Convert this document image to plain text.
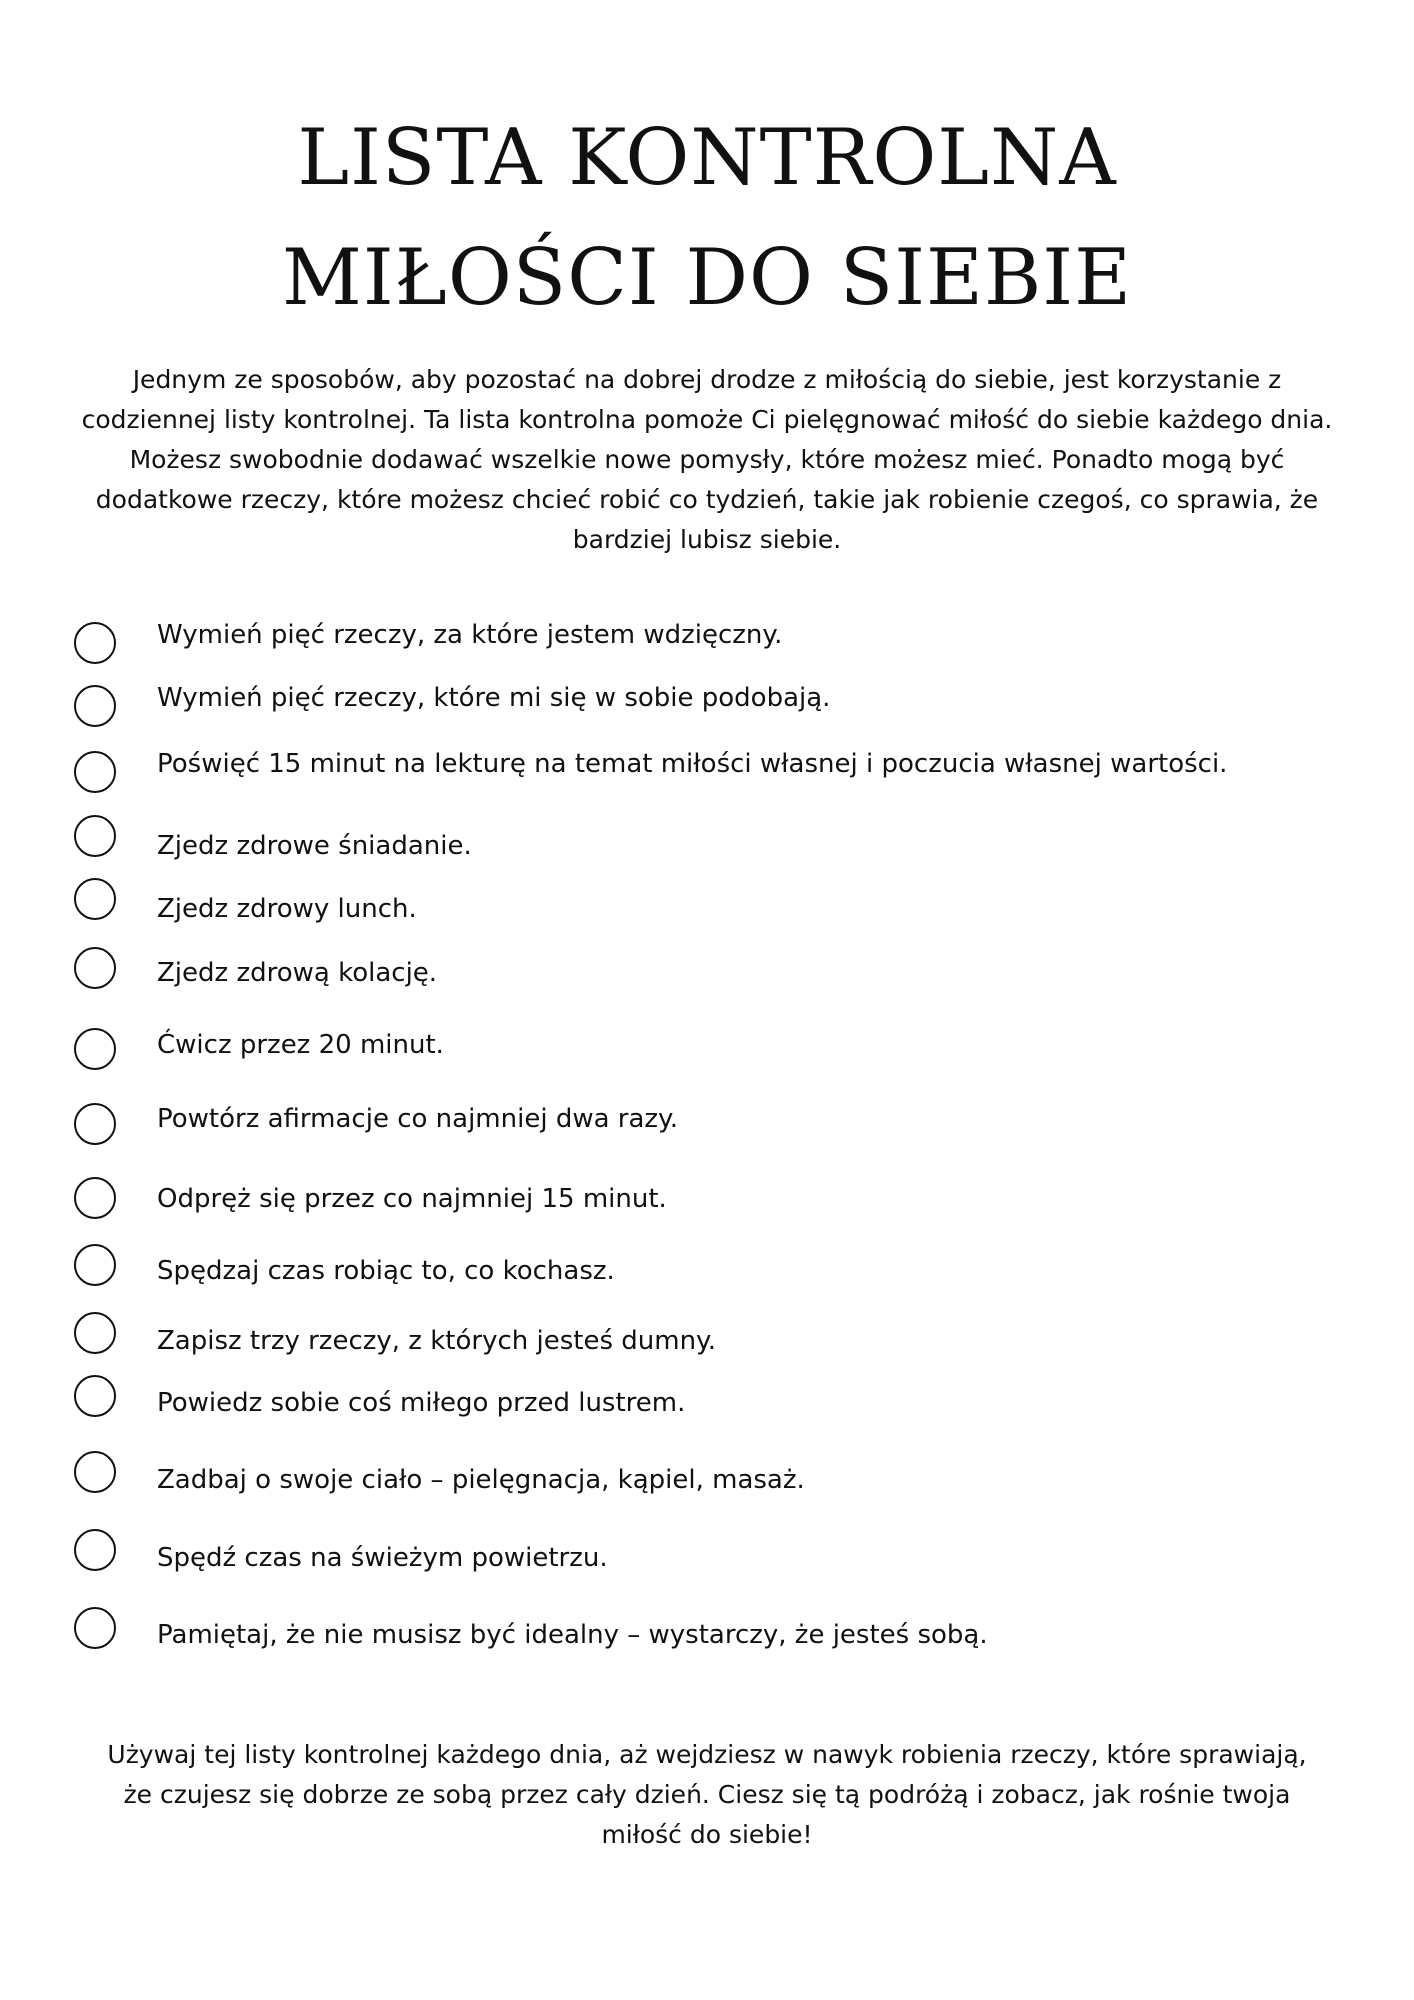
LISTA KONTROLNA
MIŁOŚCI DO SIEBIE

Jednym ze sposobów, aby pozostać na dobrej drodze z miłością do siebie, jest korzystanie z codziennej listy kontrolnej. Ta lista kontrolna pomoże Ci pielęgnować miłość do siebie każdego dnia. Możesz swobodnie dodawać wszelkie nowe pomysły, które możesz mieć. Ponadto mogą być dodatkowe rzeczy, które możesz chcieć robić co tydzień, takie jak robienie czegoś, co sprawia, że bardziej lubisz siebie.

Wymień pięć rzeczy, za które jestem wdzięczny.
Wymień pięć rzeczy, które mi się w sobie podobają.
Poświęć 15 minut na lekturę na temat miłości własnej i poczucia własnej wartości.
Zjedz zdrowe śniadanie.
Zjedz zdrowy lunch.
Zjedz zdrową kolację.
Ćwicz przez 20 minut.
Powtórz afirmacje co najmniej dwa razy.
Odpręż się przez co najmniej 15 minut.
Spędzaj czas robiąc to, co kochasz.
Zapisz trzy rzeczy, z których jesteś dumny.
Powiedz sobie coś miłego przed lustrem.
Zadbaj o swoje ciało – pielęgnacja, kąpiel, masaż.
Spędź czas na świeżym powietrzu.
Pamiętaj, że nie musisz być idealny – wystarczy, że jesteś sobą.

Używaj tej listy kontrolnej każdego dnia, aż wejdziesz w nawyk robienia rzeczy, które sprawiają, że czujesz się dobrze ze sobą przez cały dzień. Ciesz się tą podróżą i zobacz, jak rośnie twoja miłość do siebie!
